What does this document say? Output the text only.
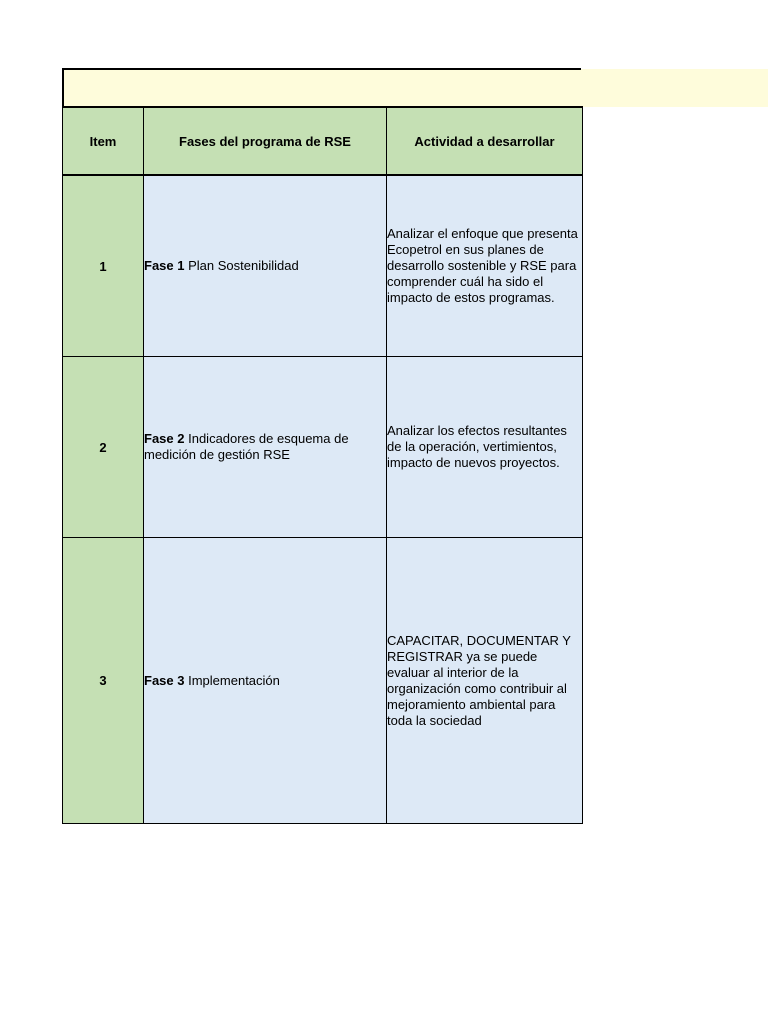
Item	Fases del programa de RSE	Actividad a desarrollar
1	Fase 1 Plan Sostenibilidad	Analizar el enfoque que presenta Ecopetrol en sus planes de desarrollo sostenible y RSE para comprender cuál ha sido el impacto de estos programas.
2	Fase 2 Indicadores de esquema de medición de gestión RSE	Analizar los efectos resultantes de la operación, vertimientos, impacto de nuevos proyectos.
3	Fase 3 Implementación	CAPACITAR, DOCUMENTAR Y REGISTRAR ya se puede evaluar al interior de la organización como contribuir al mejoramiento ambiental para toda la sociedad
